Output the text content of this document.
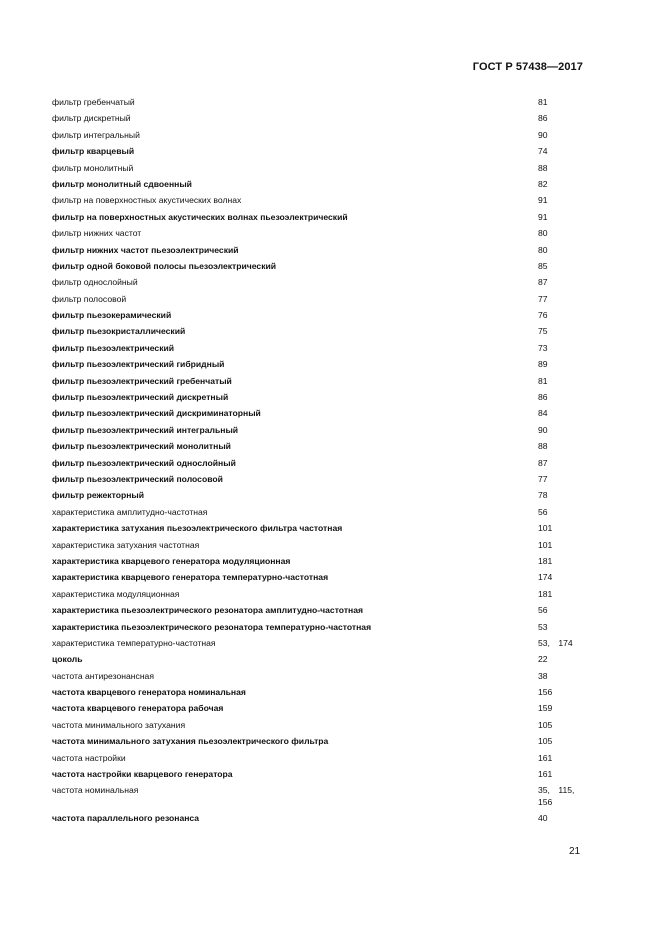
ГОСТ Р 57438—2017
фильтр гребенчатый	81
фильтр дискретный	86
фильтр интегральный	90
фильтр кварцевый	74
фильтр монолитный	88
фильтр монолитный сдвоенный	82
фильтр на поверхностных акустических волнах	91
фильтр на поверхностных акустических волнах пьезоэлектрический	91
фильтр нижних частот	80
фильтр нижних частот пьезоэлектрический	80
фильтр одной боковой полосы пьезоэлектрический	85
фильтр однослойный	87
фильтр полосовой	77
фильтр пьезокерамический	76
фильтр пьезокристаллический	75
фильтр пьезоэлектрический	73
фильтр пьезоэлектрический гибридный	89
фильтр пьезоэлектрический гребенчатый	81
фильтр пьезоэлектрический дискретный	86
фильтр пьезоэлектрический дискриминаторный	84
фильтр пьезоэлектрический интегральный	90
фильтр пьезоэлектрический монолитный	88
фильтр пьезоэлектрический однослойный	87
фильтр пьезоэлектрический полосовой	77
фильтр режекторный	78
характеристика амплитудно-частотная	56
характеристика затухания пьезоэлектрического фильтра частотная	101
характеристика затухания частотная	101
характеристика кварцевого генератора модуляционная	181
характеристика кварцевого генератора температурно-частотная	174
характеристика модуляционная	181
характеристика пьезоэлектрического резонатора амплитудно-частотная	56
характеристика пьезоэлектрического резонатора температурно-частотная	53
характеристика температурно-частотная	53, 174
цоколь	22
частота антирезонансная	38
частота кварцевого генератора номинальная	156
частота кварцевого генератора рабочая	159
частота минимального затухания	105
частота минимального затухания пьезоэлектрического фильтра	105
частота настройки	161
частота настройки кварцевого генератора	161
частота номинальная	35, 115, 156
частота параллельного резонанса	40
21
